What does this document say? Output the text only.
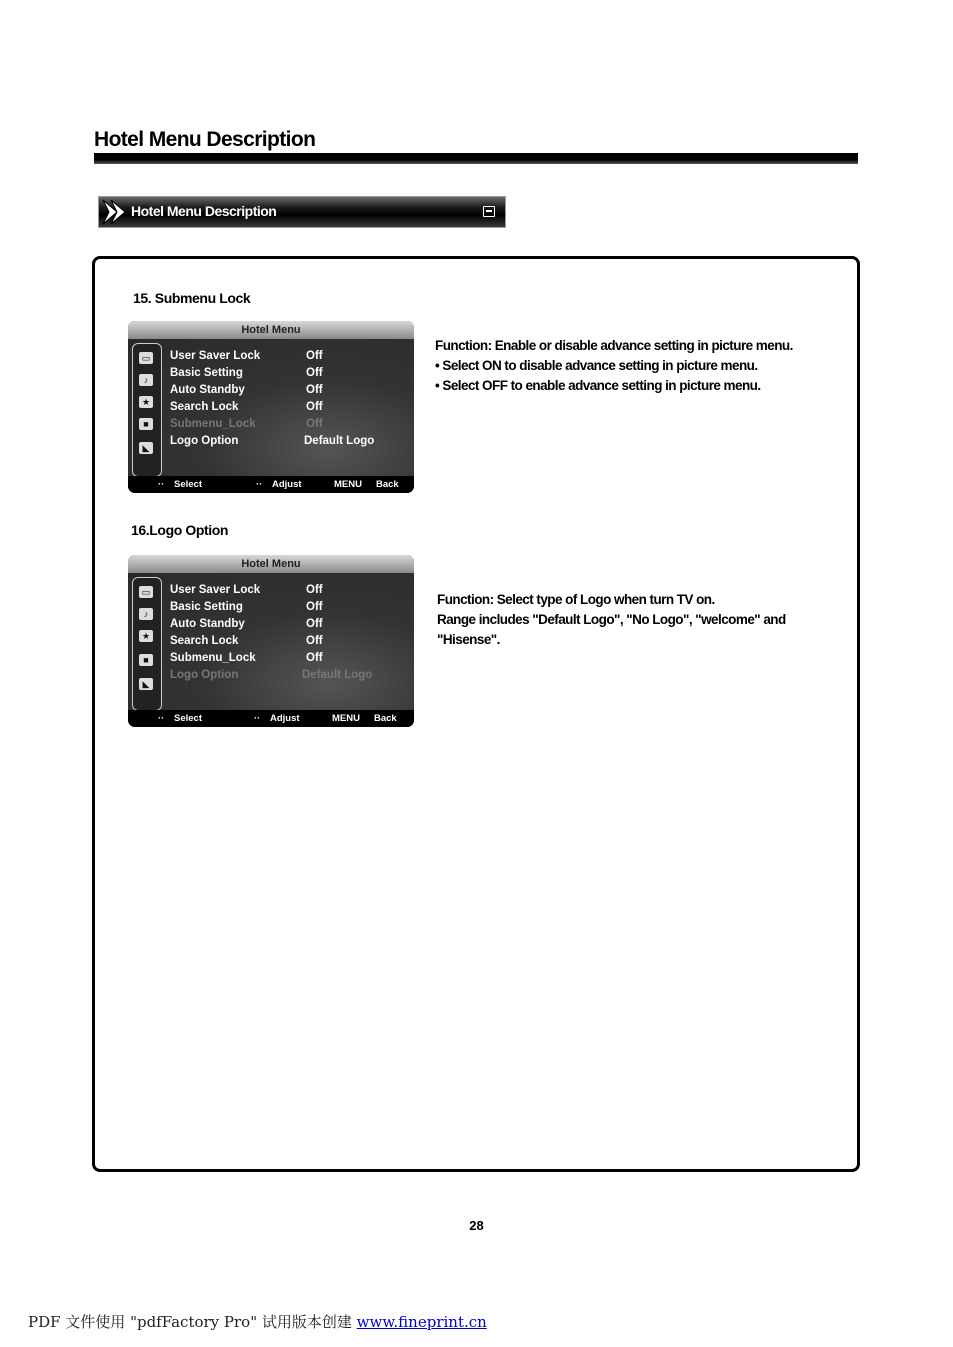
Hotel Menu Description
Hotel Menu Description
15. Submenu Lock
Hotel Menu
▭
♪
★
■
◣
User Saver Lock	Off
Basic Setting	Off
Auto Standby	Off
Search Lock	Off
Submenu_Lock	Off
Logo Option	Default Logo
·· Select	·· Adjust	MENU Back

Function: Enable or disable advance setting in picture menu.

• Select ON to disable advance setting in picture menu.

• Select OFF to enable advance setting in picture menu.

16.Logo Option
Hotel Menu
▭
♪
★
■
◣
User Saver Lock	Off
Basic Setting	Off
Auto Standby	Off
Search Lock	Off
Submenu_Lock	Off
Logo Option	Default Logo
·· Select	·· Adjust	MENU Back

Function: Select type of Logo when turn TV on.

Range includes "Default Logo", "No Logo", "welcome" and "Hisense".

28
PDF 文件使用 "pdfFactory Pro" 试用版本创建 www.fineprint.cn
